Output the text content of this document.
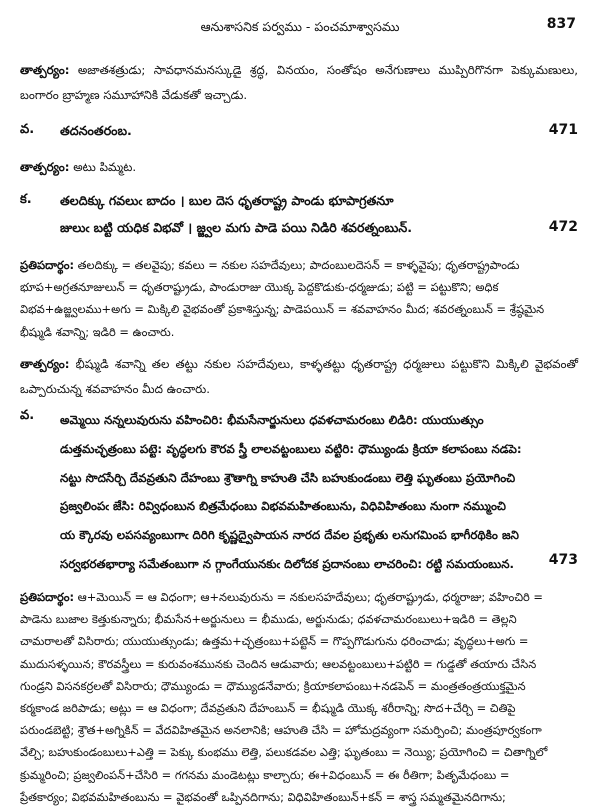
ఆనుశాసనిక పర్వము - పంచమాశ్వాసము	837

తాత్పర్యం: అజాతశత్రుడు; సావధానమనస్కుడై శ్రద్ధ, వినయం, సంతోషం అనేగుణాలు ముప్పిరిగొనగా పెక్కుమణులు, బంగారం బ్రాహ్మణ సమూహానికి వేడుకతో ఇచ్చాడు.

వ. తదనంతరంబ.	471

తాత్పర్యం: అటు పిమ్మట.

క. తలదిక్కు గవలుఁ బాదం । బుల దెస ధృతరాష్ట్ర పాండు భూపాగ్రతనూ
జులుఁ బట్టి యధిక విభవో । జ్జ్వల మగు పాడె పయి నిడిరి శవరత్నంబున్.	472
ప్రతిపదార్థం: తలదిక్కు = తలవైపు; కవలు = నకుల సహదేవులు; పాదంబులదెసన్ = కాళ్ళవైపు; ధృతరాష్ట్రపాండు
భూప+అగ్రతనూజులున్ = ధృతరాష్ట్రుడు, పాండురాజు యొక్క పెద్దకొడుకు-ధర్మజుడు; పట్టి = పట్టుకొని; అధిక
విభవ+ఉజ్జ్వలము+అగు = మిక్కిలి వైభవంతో ప్రకాశిస్తున్న; పాడెపయిన్ = శవవాహనం మీద; శవరత్నంబున్ = శ్రేష్ఠమైన
భీష్ముడి శవాన్ని; ఇడిరి = ఉంచారు.

తాత్పర్యం: భీష్ముడి శవాన్ని తల తట్టు నకుల సహదేవులు, కాళ్ళతట్టు ధృతరాష్ట్ర ధర్మజులు పట్టుకొని మిక్కిలి వైభవంతో ఒప్పారుచున్న శవవాహనం మీద ఉంచారు.

వ. అమ్మెయి నన్నలువురును వహించిరి: భీమసేనార్జునులు ధవళచామరంబు లిడిరి: యుయుత్సుం
డుత్తమచ్ఛత్రంబు పట్టె: వృద్ధలగు కౌరవ స్త్రీ లాలవట్టంబులు వట్టిరి: ధౌమ్యుండు క్రియా కలాపంబు నడపె:
నట్టు సొదసేర్చి దేవవ్రతుని దేహంబు శ్రౌతాగ్ని కాహుతి చేసి బహుకుండంబు లెత్తి ఘృతంబు ప్రయోగించి
ప్రజ్వలింపఁ జేసి: రివ్విధంబున బిత్రమేధంబు విభవమహితంబును, విధివిహితంబు నుంగా నమ్ముంచి
య క్కౌరవు లపసవ్యంబుగాఁ దిరిగి కృష్ణద్వైపాయన నారద దేవల ప్రభృతు లనుగమింప భాగీరథికిం జని
సర్వభరతభార్యా సమేతంబుగా న గ్గాంగేయునకుఁ దిలోదక ప్రదానంబు లాచరించి: రట్టి సమయంబున.	473
ప్రతిపదార్థం: ఆ+మెయిన్ = ఆ విధంగా; ఆ+నలువురును = నకులసహదేవులు; ధృతరాష్ట్రుడు, ధర్మరాజు; వహించిరి =
పాడెను బుజాల కెత్తుకున్నారు; భీమసేన+అర్జునులు = భీముడు, అర్జునుడు; ధవళచామరంబులు+ఇడిరి = తెల్లని
చామరాలతో విసిరారు; యుయుత్సుండు; ఉత్తమ+చ్ఛత్రంబు+పట్టెన్ = గొప్పగొడుగును ధరించాడు; వృద్ధలు+అగు =
ముదుసళ్ళయిన; కౌరవస్త్రీలు = కురువంశమునకు చెందిన ఆడువారు; ఆలవట్టంబులు+పట్టిరి = గుడ్డతో తయారు చేసిన
గుండ్రని విసనకర్రలతో విసిరారు; ధౌమ్యుండు = ధౌమ్యుడనేవారు; క్రియాకలాపంబు+నడపెన్ = మంత్రతంత్రయుక్తమైన
కర్మకాండ జరిపాడు; అట్లు = ఆ విధంగా; దేవవ్రతుని దేహంబున్ = భీష్ముడి యొక్క శరీరాన్ని; సొద+చేర్చి = చితిపై
పరుండబెట్టి; శ్రౌత+అగ్నికిన్ = వేదవిహితమైన అనలానికి; ఆహుతి చేసి = హోమద్రవ్యంగా సమర్పించి; మంత్రపూర్వకంగా
వేల్చి; బహుకుండంబులు+ఎత్తి = పెక్కు కుంభము లెత్తి, పలుకడవల ఎత్తి; ఘృతంబు = నెయ్యి; ప్రయోగించి = చితాగ్నిలో
క్రుమ్మరించి; ప్రజ్వలింపన్+చేసిరి = గగనమ మండెటట్లు కాల్చారు; ఈ+విధంబున్ = ఈ రీతిగా; పితృమేధంబు =
ప్రేతకార్యం; విభవమహితంబును = వైభవంతో ఒప్పినదిగాను; విధివిహితంబున్+కన్ = శాస్త్ర సమ్మతమైనదిగాను;
